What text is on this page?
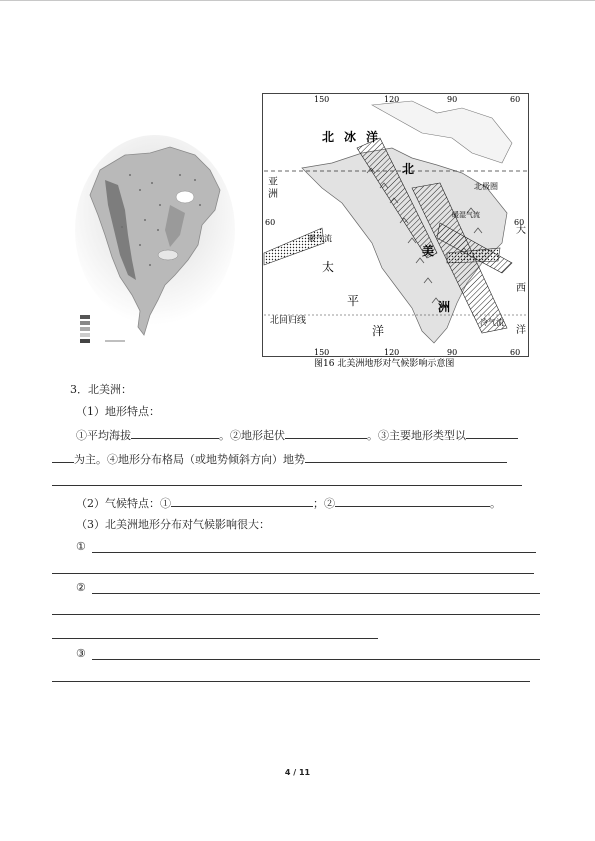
150	120	90	60
150	120	90	60
60	60
北 冰 洋
北
北极圈
亚
洲
暖气流
太
平
洋
大
西
洋
美
洲
北回归线	冷气流
暖湿气流
图16 北美洲地形对气候影响示意图
3．北美洲：
（1）地形特点：
①平均海拔	。②地形起伏	。③主要地形类型以
为主。④地形分布格局（或地势倾斜方向）地势
（2）气候特点：①	；②	。
（3）北美洲地形分布对气候影响很大：
①
②
③
4 / 11
